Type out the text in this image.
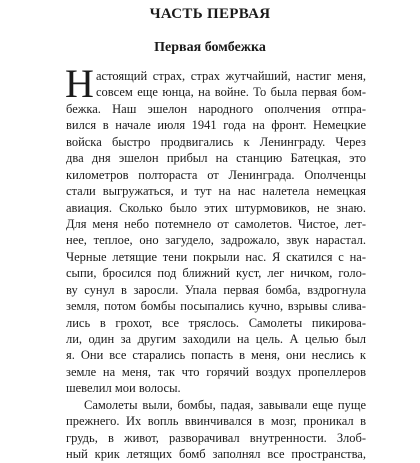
ЧАСТЬ ПЕРВАЯ
Первая бомбежка
Н астоящий страх, страх жутчайший, настиг меня,
совсем еще юнца, на войне. То была первая бом-
бежка. Наш эшелон народного ополчения отпра-
вился в начале июля 1941 года на фронт. Немецкие
войска быстро продвигались к Ленинграду. Через
два дня эшелон прибыл на станцию Батецкая, это
километров полтораста от Ленинграда. Ополченцы
стали выгружаться, и тут на нас налетела немецкая
авиация. Сколько было этих штурмовиков, не знаю.
Для меня небо потемнело от самолетов. Чистое, лет-
нее, теплое, оно загудело, задрожало, звук нарастал.
Черные летящие тени покрыли нас. Я скатился с на-
сыпи, бросился под ближний куст, лег ничком, голо-
ву сунул в заросли. Упала первая бомба, вздрогнула
земля, потом бомбы посыпались кучно, взрывы слива-
лись в грохот, все тряслось. Самолеты пикирова-
ли, один за другим заходили на цель. А целью был
я. Они все старались попасть в меня, они неслись к
земле на меня, так что горячий воздух пропеллеров
шевелил мои волосы.
Самолеты выли, бомбы, падая, завывали еще пуще
прежнего. Их вопль ввинчивался в мозг, проникал в
грудь, в живот, разворачивал внутренности. Злоб-
ный крик летящих бомб заполнял все пространства,
